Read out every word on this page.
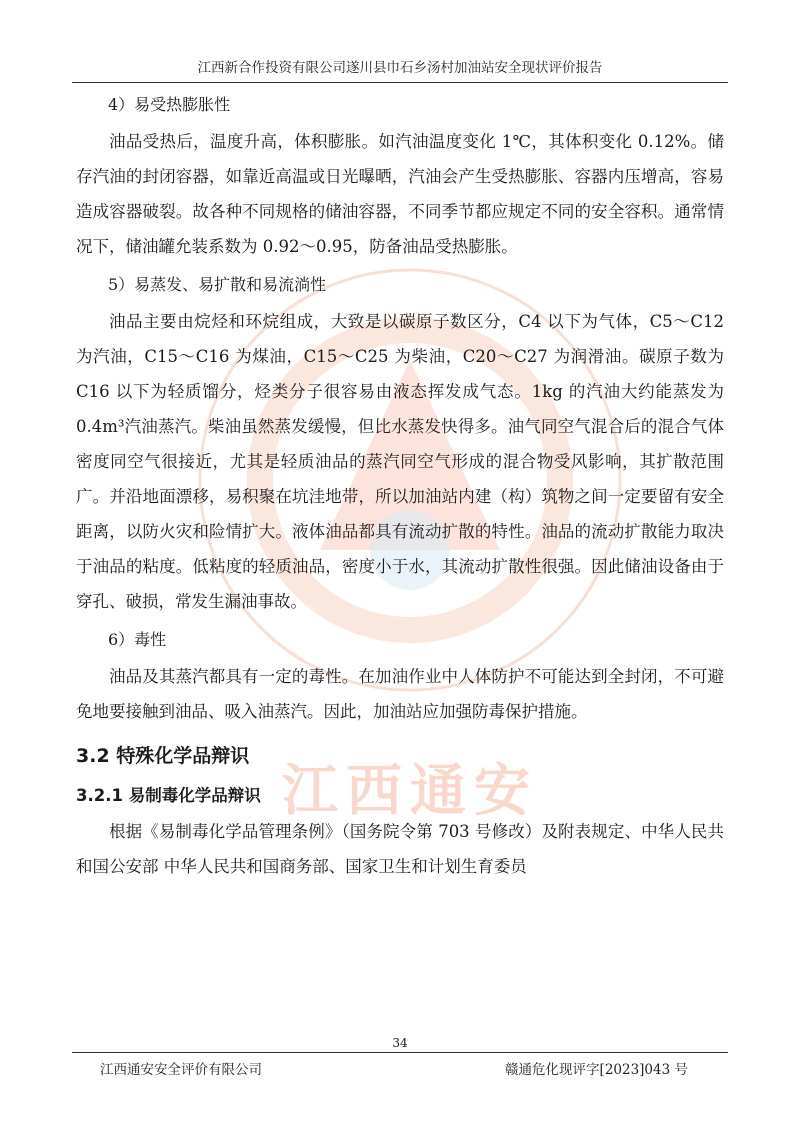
江西通安
江西新合作投资有限公司遂川县巾石乡汤村加油站安全现状评价报告

4）易受热膨胀性

油品受热后，温度升高，体积膨胀。如汽油温度变化 1℃，其体积变化 0.12%。储存汽油的封闭容器，如靠近高温或日光曝晒，汽油会产生受热膨胀、容器内压增高，容易造成容器破裂。故各种不同规格的储油容器，不同季节都应规定不同的安全容积。通常情况下，储油罐允装系数为 0.92～0.95，防备油品受热膨胀。

5）易蒸发、易扩散和易流淌性

油品主要由烷烃和环烷组成，大致是以碳原子数区分，C4 以下为气体，C5～C12 为汽油，C15～C16 为煤油，C15～C25 为柴油，C20～C27 为润滑油。碳原子数为 C16 以下为轻质馏分，烃类分子很容易由液态挥发成气态。1kg 的汽油大约能蒸发为 0.4m³汽油蒸汽。柴油虽然蒸发缓慢，但比水蒸发快得多。油气同空气混合后的混合气体密度同空气很接近，尤其是轻质油品的蒸汽同空气形成的混合物受风影响，其扩散范围广。并沿地面漂移，易积聚在坑洼地带，所以加油站内建（构）筑物之间一定要留有安全距离，以防火灾和险情扩大。液体油品都具有流动扩散的特性。油品的流动扩散能力取决于油品的粘度。低粘度的轻质油品，密度小于水，其流动扩散性很强。因此储油设备由于穿孔、破损，常发生漏油事故。

6）毒性

油品及其蒸汽都具有一定的毒性。在加油作业中人体防护不可能达到全封闭，不可避免地要接触到油品、吸入油蒸汽。因此，加油站应加强防毒保护措施。

3.2 特殊化学品辩识
3.2.1 易制毒化学品辩识

根据《易制毒化学品管理条例》（国务院令第 703 号修改）及附表规定、中华人民共和国公安部 中华人民共和国商务部、国家卫生和计划生育委员

34
江西通安安全评价有限公司	赣通危化现评字[2023]043 号
